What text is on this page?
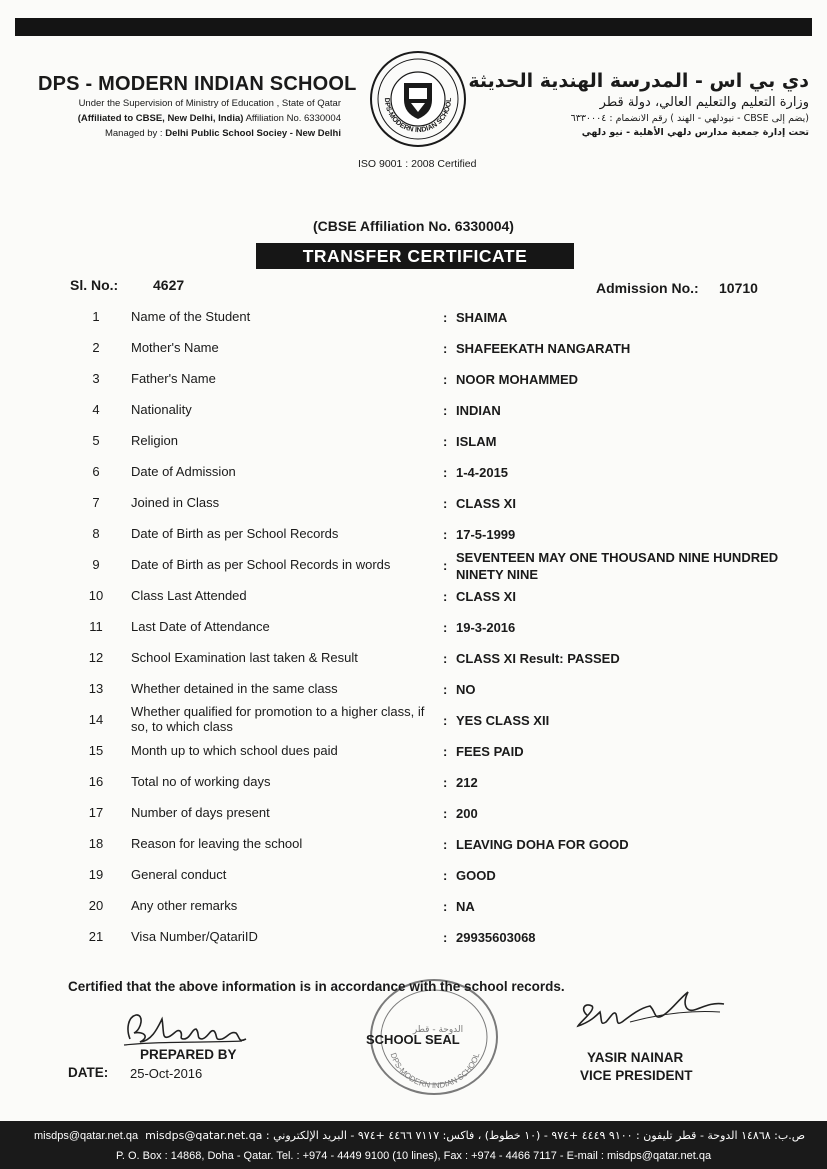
DPS - MODERN INDIAN SCHOOL
Under the Supervision of Ministry of Education , State of Qatar
(Affiliated to CBSE, New Delhi, India) Affiliation No. 6330004
Managed by : Delhi Public School Sociey - New Delhi
DPS-MODERN INDIAN SCHOOL
ISO 9001 : 2008 Certified
دي بي اس - المدرسة الهندية الحديثة
وزارة التعليم والتعليم العالي، دولة قطر
(يضم إلى CBSE - نيودلهي - الهند ) رقم الانضمام : ٦٣٣٠٠٠٤
تحت إدارة جمعية مدارس دلهي الأهلية - نيو دلهي
(CBSE Affiliation No. 6330004)
TRANSFER CERTIFICATE
Sl. No.: 4627	Admission No.: 10710
1	Name of the Student	: SHAIMA
2	Mother's Name	: SHAFEEKATH NANGARATH
3	Father's Name	: NOOR MOHAMMED
4	Nationality	: INDIAN
5	Religion	: ISLAM
6	Date of Admission	: 1-4-2015
7	Joined in Class	: CLASS XI
8	Date of Birth as per School Records	: 17-5-1999
9	Date of Birth as per School Records in words	:
SEVENTEEN MAY ONE THOUSAND NINE HUNDRED NINETY NINE
10	Class Last Attended	: CLASS XI
11	Last Date of Attendance	: 19-3-2016
12	School Examination last taken & Result	: CLASS XI Result: PASSED
13	Whether detained in the same class	: NO
14
Whether qualified for promotion to a higher class, if so, to which class	: YES CLASS XII
15	Month up to which school dues paid	: FEES PAID
16	Total no of working days	: 212
17	Number of days present	: 200
18	Reason for leaving the school	: LEAVING DOHA FOR GOOD
19	General conduct	: GOOD
20	Any other remarks	: NA
21	Visa Number/QatariID	: 29935603068
الدوحة - قطر
DPS-MODERN INDIAN SCHOOL
Certified that the above information is in accordance with the school records.
PREPARED BY
DATE: 25-Oct-2016
SCHOOL SEAL
YASIR NAINAR
VICE PRESIDENT
misdps@qatar.net.qa ص.ب: ١٤٨٦٨ الدوحة - قطر تليفون : ٩١٠٠ ٤٤٤٩ +٩٧٤ - (١٠ خطوط) ، فاكس: ٧١١٧ ٤٤٦٦ +٩٧٤ - البريد الإلكتروني : misdps@qatar.net.qa
P. O. Box : 14868, Doha - Qatar. Tel. : +974 - 4449 9100 (10 lines), Fax : +974 - 4466 7117 - E-mail : misdps@qatar.net.qa
